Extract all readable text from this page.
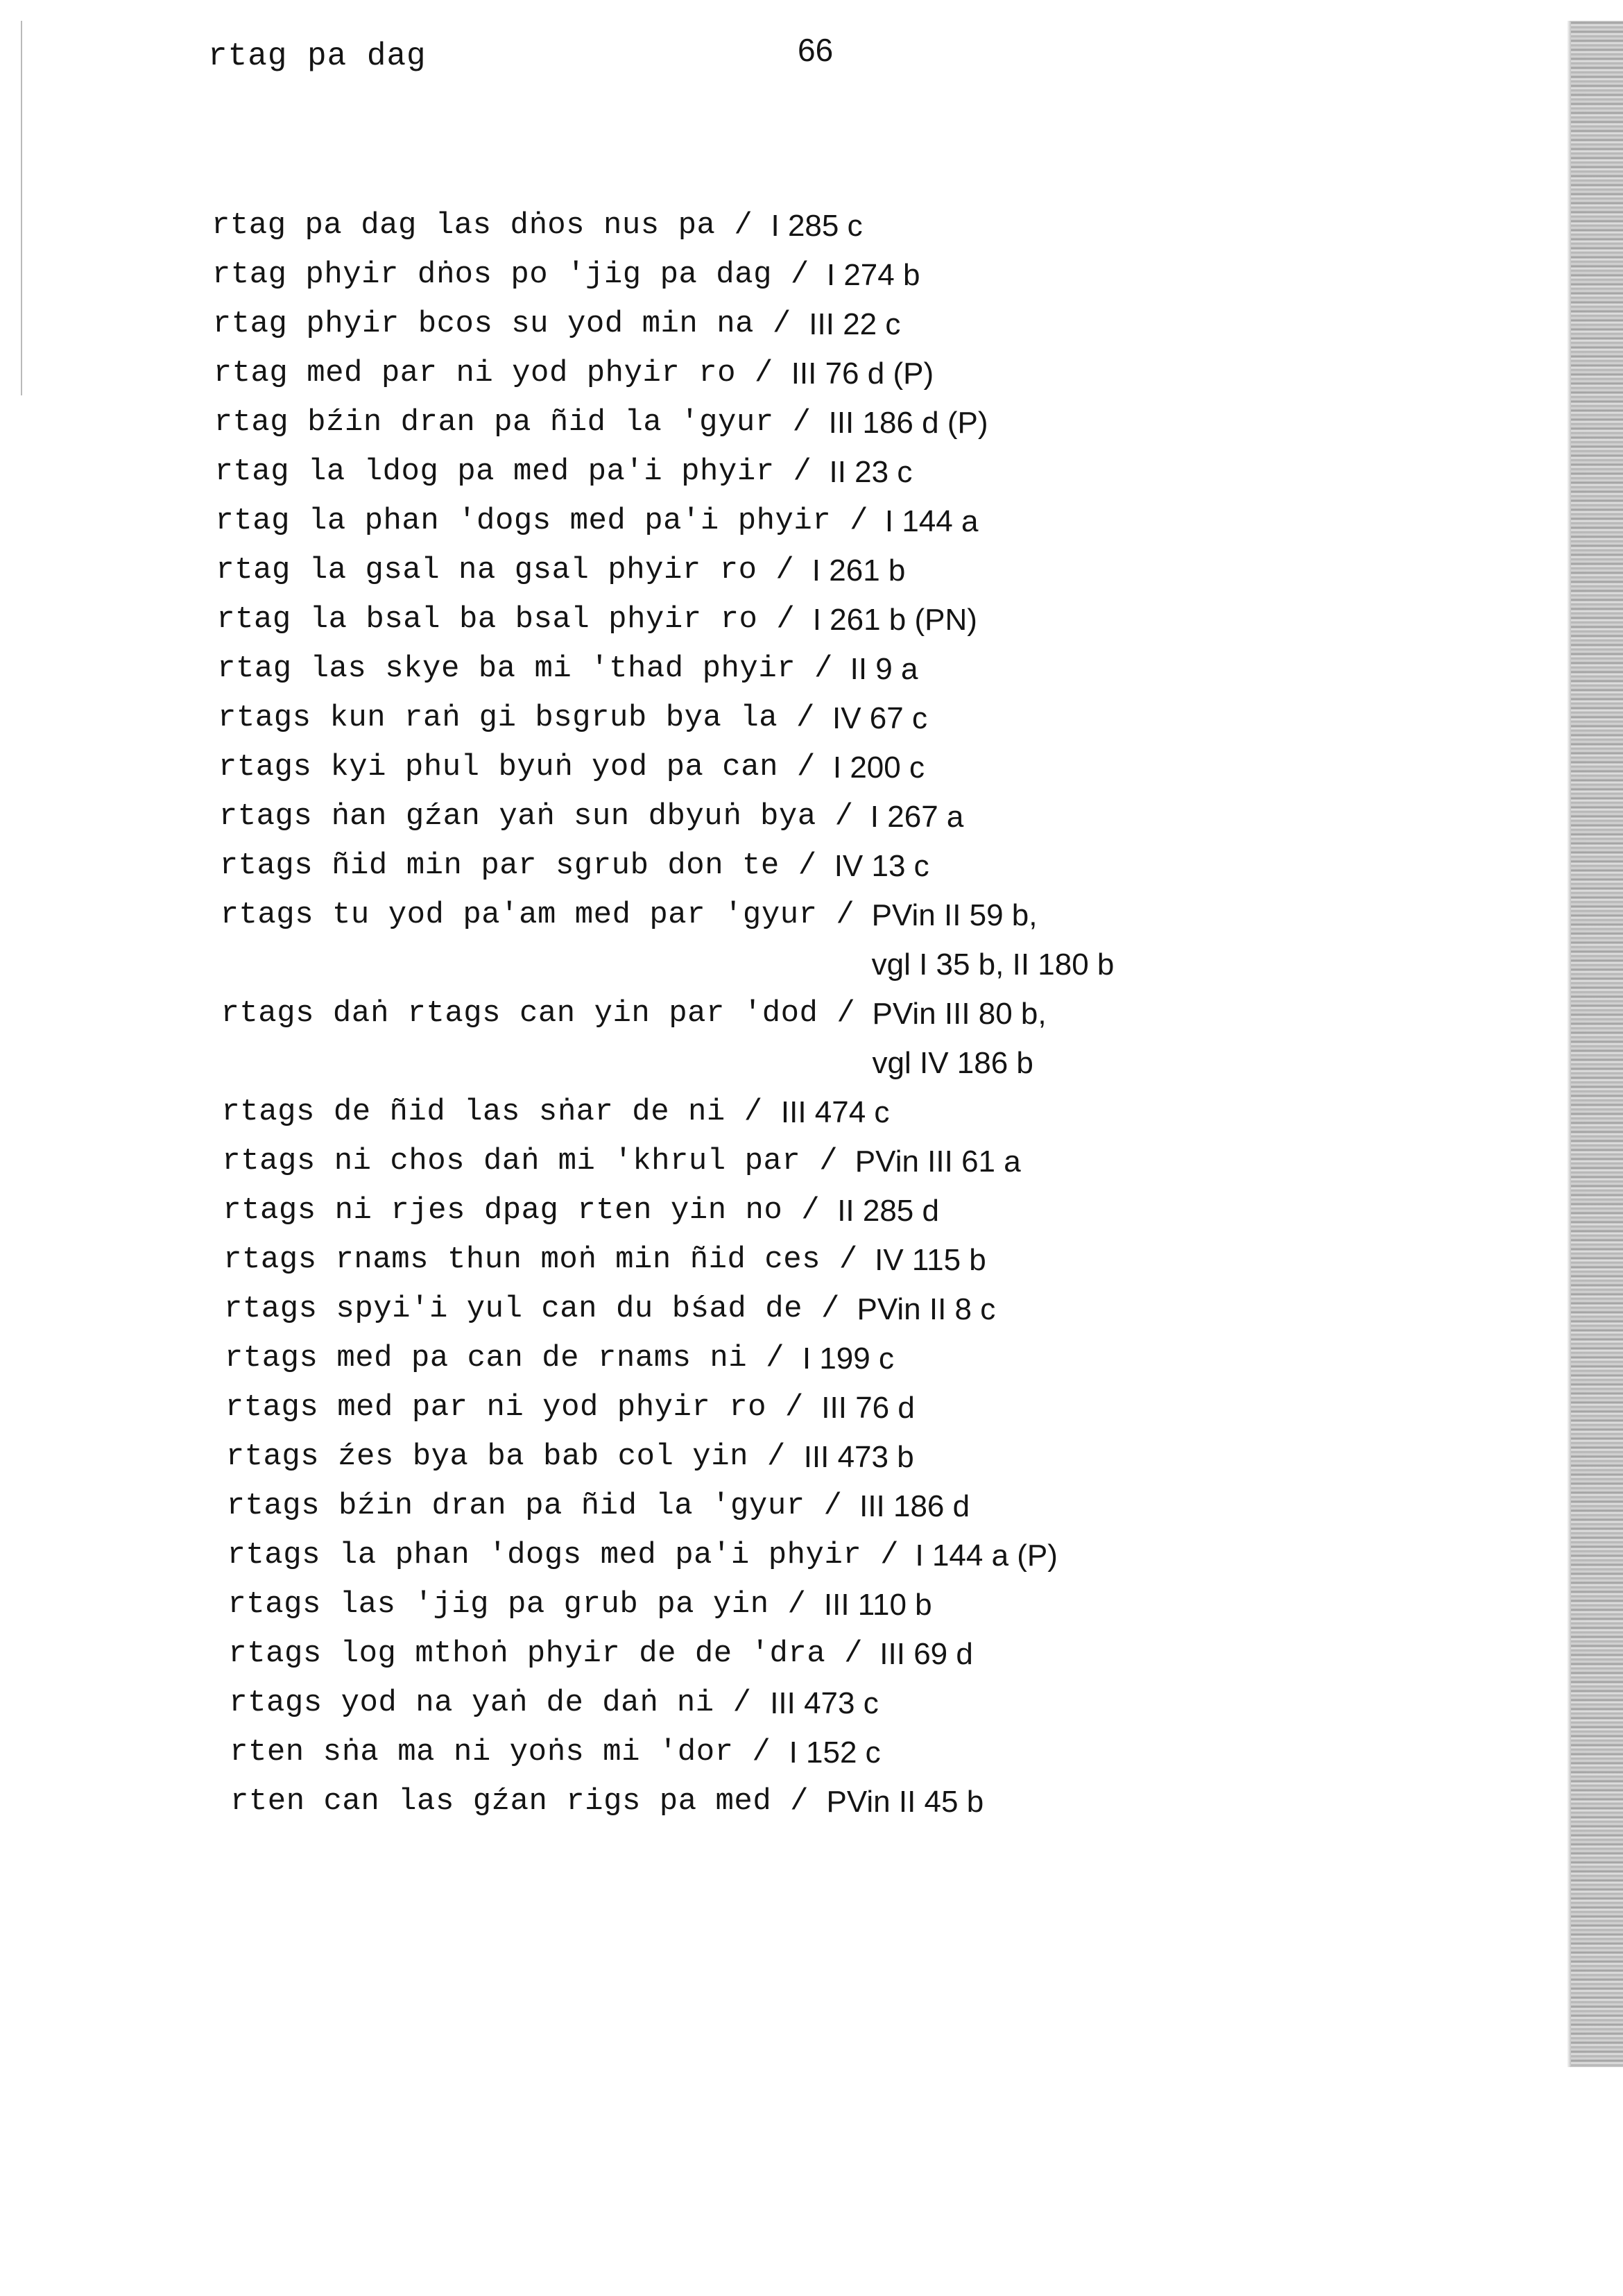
rtag pa dag	66
rtag pa dag las dṅos nus pa / I 285 c
rtag phyir dṅos po 'jig pa dag / I 274 b
rtag phyir bcos su yod min na / III 22 c
rtag med par ni yod phyir ro / III 76 d (P)
rtag bźin dran pa ñid la 'gyur / III 186 d (P)
rtag la ldog pa med pa'i phyir / II 23 c
rtag la phan 'dogs med pa'i phyir / I 144 a
rtag la gsal na gsal phyir ro / I 261 b
rtag la bsal ba bsal phyir ro / I 261 b (PN)
rtag las skye ba mi 'thad phyir / II 9 a
rtags kun raṅ gi bsgrub bya la / IV 67 c
rtags kyi phul byuṅ yod pa can / I 200 c
rtags ṅan gźan yaṅ sun dbyuṅ bya / I 267 a
rtags ñid min par sgrub don te / IV 13 c
rtags tu yod pa'am med par 'gyur / PVin II 59 b,
vgl I 35 b, II 180 b
rtags daṅ rtags can yin par 'dod / PVin III 80 b,
vgl IV 186 b
rtags de ñid las sṅar de ni / III 474 c
rtags ni chos daṅ mi 'khrul par / PVin III 61 a
rtags ni rjes dpag rten yin no / II 285 d
rtags rnams thun moṅ min ñid ces / IV 115 b
rtags spyi'i yul can du bśad de / PVin II 8 c
rtags med pa can de rnams ni / I 199 c
rtags med par ni yod phyir ro / III 76 d
rtags źes bya ba bab col yin / III 473 b
rtags bźin dran pa ñid la 'gyur / III 186 d
rtags la phan 'dogs med pa'i phyir / I 144 a (P)
rtags las 'jig pa grub pa yin / III 110 b
rtags log mthoṅ phyir de de 'dra / III 69 d
rtags yod na yaṅ de daṅ ni / III 473 c
rten sṅa ma ni yoṅs mi 'dor / I 152 c
rten can las gźan rigs pa med / PVin II 45 b
